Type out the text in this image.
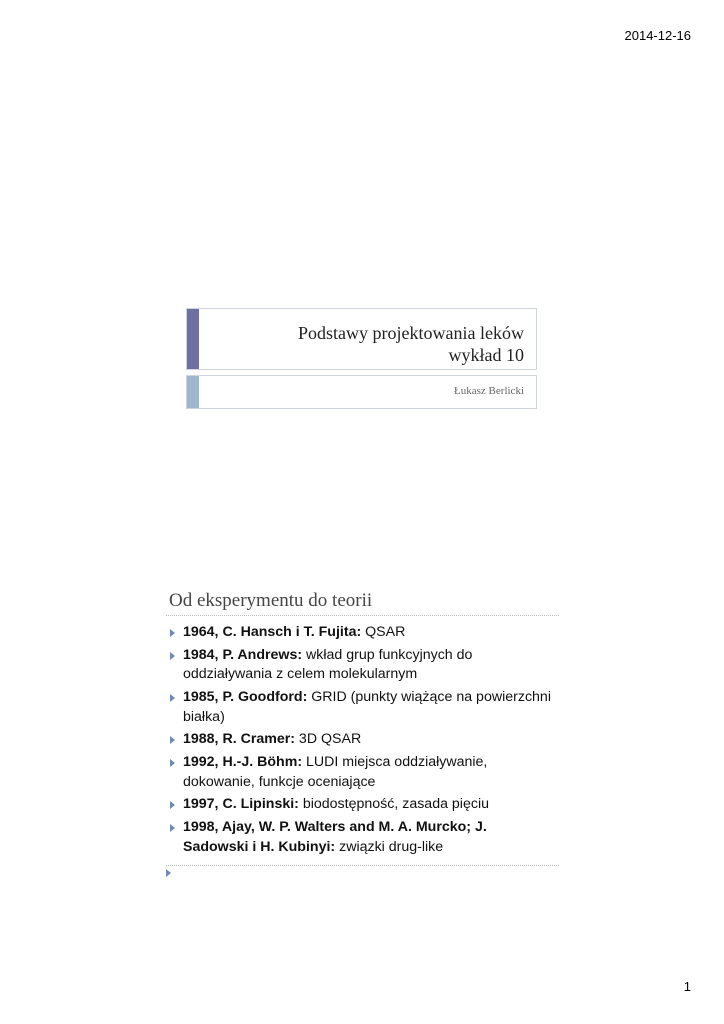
2014-12-16
Podstawy projektowania leków
wykład 10
Łukasz Berlicki
Od eksperymentu do teorii
1964, C. Hansch i T. Fujita: QSAR
1984, P. Andrews: wkład grup funkcyjnych do oddziaływania z celem molekularnym
1985, P. Goodford: GRID (punkty wiążące na powierzchni białka)
1988, R. Cramer: 3D QSAR
1992, H.-J. Böhm: LUDI miejsca oddziaływanie, dokowanie, funkcje oceniające
1997, C. Lipinski: biodostępność, zasada pięciu
1998, Ajay, W. P. Walters and M. A. Murcko; J. Sadowski i H. Kubinyi: związki drug-like
1
